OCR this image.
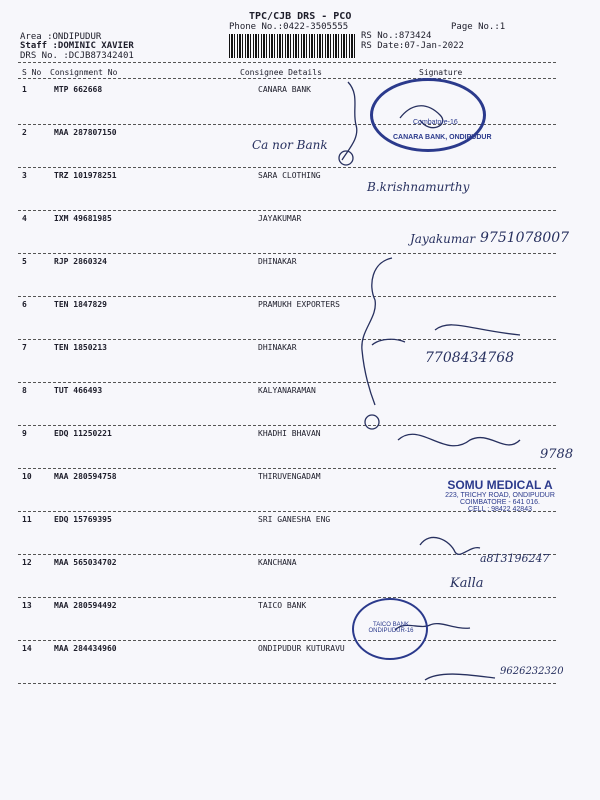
TPC/CJB DRS - PCO
Phone No.:0422-3505555	Page No.:1
Area :ONDIPUDUR
Staff :DOMINIC XAVIER
DRS No. :DCJB87342401
RS No.:873424
RS Date:07-Jan-2022
S No Consignment No	Consignee Details	Signature
1	MTP 662668	CANARA BANK
2	MAA 287807150
3	TRZ 101978251	SARA CLOTHING
4	IXM 49681985	JAYAKUMAR
5	RJP 2860324	DHINAKAR
6	TEN 1847829	PRAMUKH EXPORTERS
7	TEN 1850213	DHINAKAR
8	TUT 466493	KALYANARAMAN
9	EDQ 11250221	KHADHI BHAVAN
10	MAA 280594758	THIRUVENGADAM
11	EDQ 15769395	SRI GANESHA ENG
12	MAA 565034702	KANCHANA
13	MAA 280594492	TAICO BANK
14	MAA 284434960	ONDIPUDUR KUTURAVU
Ca nor Bank
B.krishnamurthy
Jayakumar 9751078007
7708434768
9788
a813196247
Kalla
9626232320
Combatore-16
CANARA BANK, ONDIPUDUR
SOMU MEDICAL A
223, TRICHY ROAD, ONDIPUDUR
COIMBATORE - 641 016.
CELL : 98422 42843
TAICO BANK ONDIPUDUR-16
